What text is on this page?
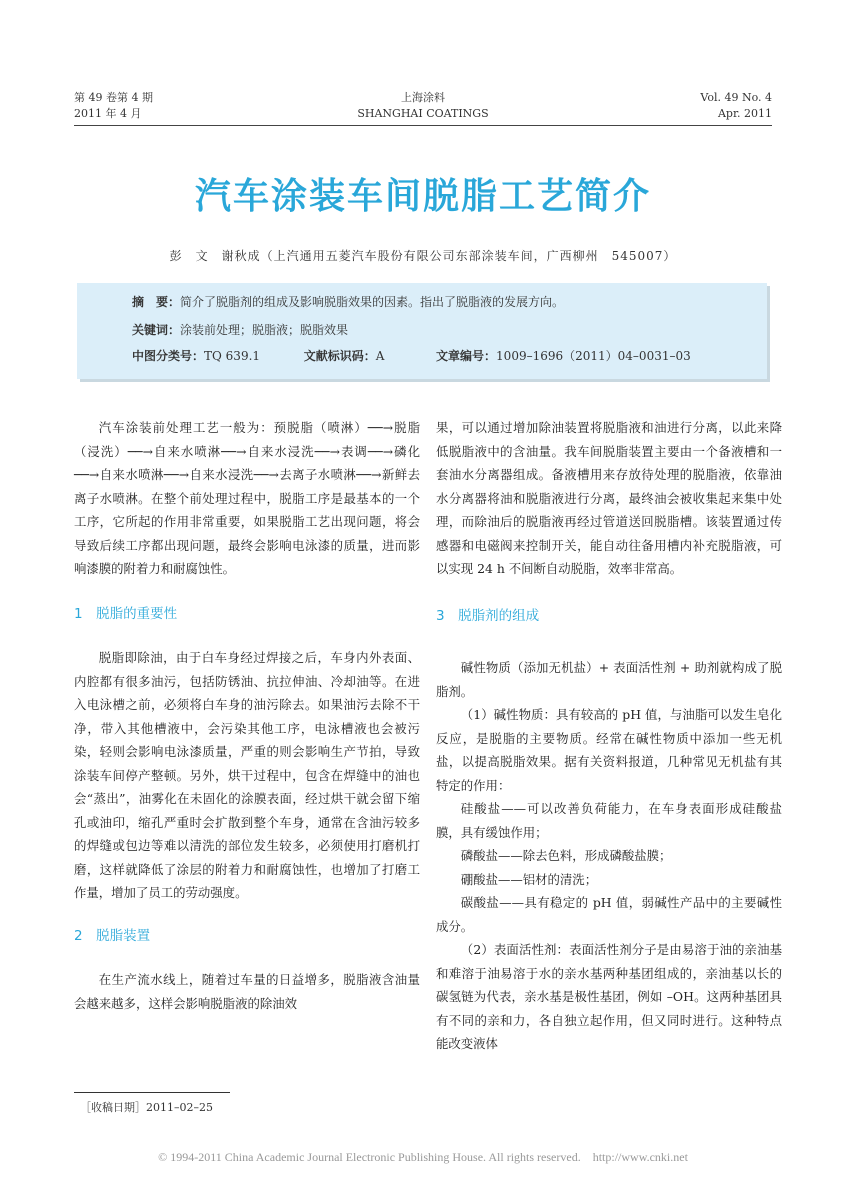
第 49 卷第 4 期
2011 年 4 月
上海涂料
SHANGHAI COATINGS
Vol. 49 No. 4
Apr. 2011
汽车涂装车间脱脂工艺简介
彭　文　谢秋成（上汽通用五菱汽车股份有限公司东部涂装车间，广西柳州　545007）
摘　要：简介了脱脂剂的组成及影响脱脂效果的因素。指出了脱脂液的发展方向。
关键词：涂装前处理；脱脂液；脱脂效果
中图分类号：TQ 639.1	文献标识码：A	文章编号：1009–1696（2011）04–0031–03

汽车涂装前处理工艺一般为：预脱脂（喷淋）──→脱脂（浸洗）──→自来水喷淋──→自来水浸洗──→表调──→磷化──→自来水喷淋──→自来水浸洗──→去离子水喷淋──→新鲜去离子水喷淋。在整个前处理过程中，脱脂工序是最基本的一个工序，它所起的作用非常重要，如果脱脂工艺出现问题，将会导致后续工序都出现问题，最终会影响电泳漆的质量，进而影响漆膜的附着力和耐腐蚀性。

1　脱脂的重要性

脱脂即除油，由于白车身经过焊接之后，车身内外表面、内腔都有很多油污，包括防锈油、抗拉伸油、冷却油等。在进入电泳槽之前，必须将白车身的油污除去。如果油污去除不干净，带入其他槽液中，会污染其他工序，电泳槽液也会被污染，轻则会影响电泳漆质量，严重的则会影响生产节拍，导致涂装车间停产整顿。另外，烘干过程中，包含在焊缝中的油也会“蒸出”，油雾化在未固化的涂膜表面，经过烘干就会留下缩孔或油印，缩孔严重时会扩散到整个车身，通常在含油污较多的焊缝或包边等难以清洗的部位发生较多，必须使用打磨机打磨，这样就降低了涂层的附着力和耐腐蚀性，也增加了打磨工作量，增加了员工的劳动强度。

2　脱脂装置

在生产流水线上，随着过车量的日益增多，脱脂液含油量会越来越多，这样会影响脱脂液的除油效

果，可以通过增加除油装置将脱脂液和油进行分离，以此来降低脱脂液中的含油量。我车间脱脂装置主要由一个备液槽和一套油水分离器组成。备液槽用来存放待处理的脱脂液，依靠油水分离器将油和脱脂液进行分离，最终油会被收集起来集中处理，而除油后的脱脂液再经过管道送回脱脂槽。该装置通过传感器和电磁阀来控制开关，能自动往备用槽内补充脱脂液，可以实现 24 h 不间断自动脱脂，效率非常高。

3　脱脂剂的组成

碱性物质（添加无机盐）+ 表面活性剂 + 助剂就构成了脱脂剂。

（1）碱性物质：具有较高的 pH 值，与油脂可以发生皂化反应，是脱脂的主要物质。经常在碱性物质中添加一些无机盐，以提高脱脂效果。据有关资料报道，几种常见无机盐有其特定的作用：

硅酸盐——可以改善负荷能力，在车身表面形成硅酸盐膜，具有缓蚀作用；

磷酸盐——除去色料，形成磷酸盐膜；

硼酸盐——铝材的清洗；

碳酸盐——具有稳定的 pH 值，弱碱性产品中的主要碱性成分。

（2）表面活性剂：表面活性剂分子是由易溶于油的亲油基和难溶于油易溶于水的亲水基两种基团组成的，亲油基以长的碳氢链为代表，亲水基是极性基团，例如 –OH。这两种基团具有不同的亲和力，各自独立起作用，但又同时进行。这种特点能改变液体

［收稿日期］2011–02–25
© 1994-2011 China Academic Journal Electronic Publishing House. All rights reserved.　http://www.cnki.net
